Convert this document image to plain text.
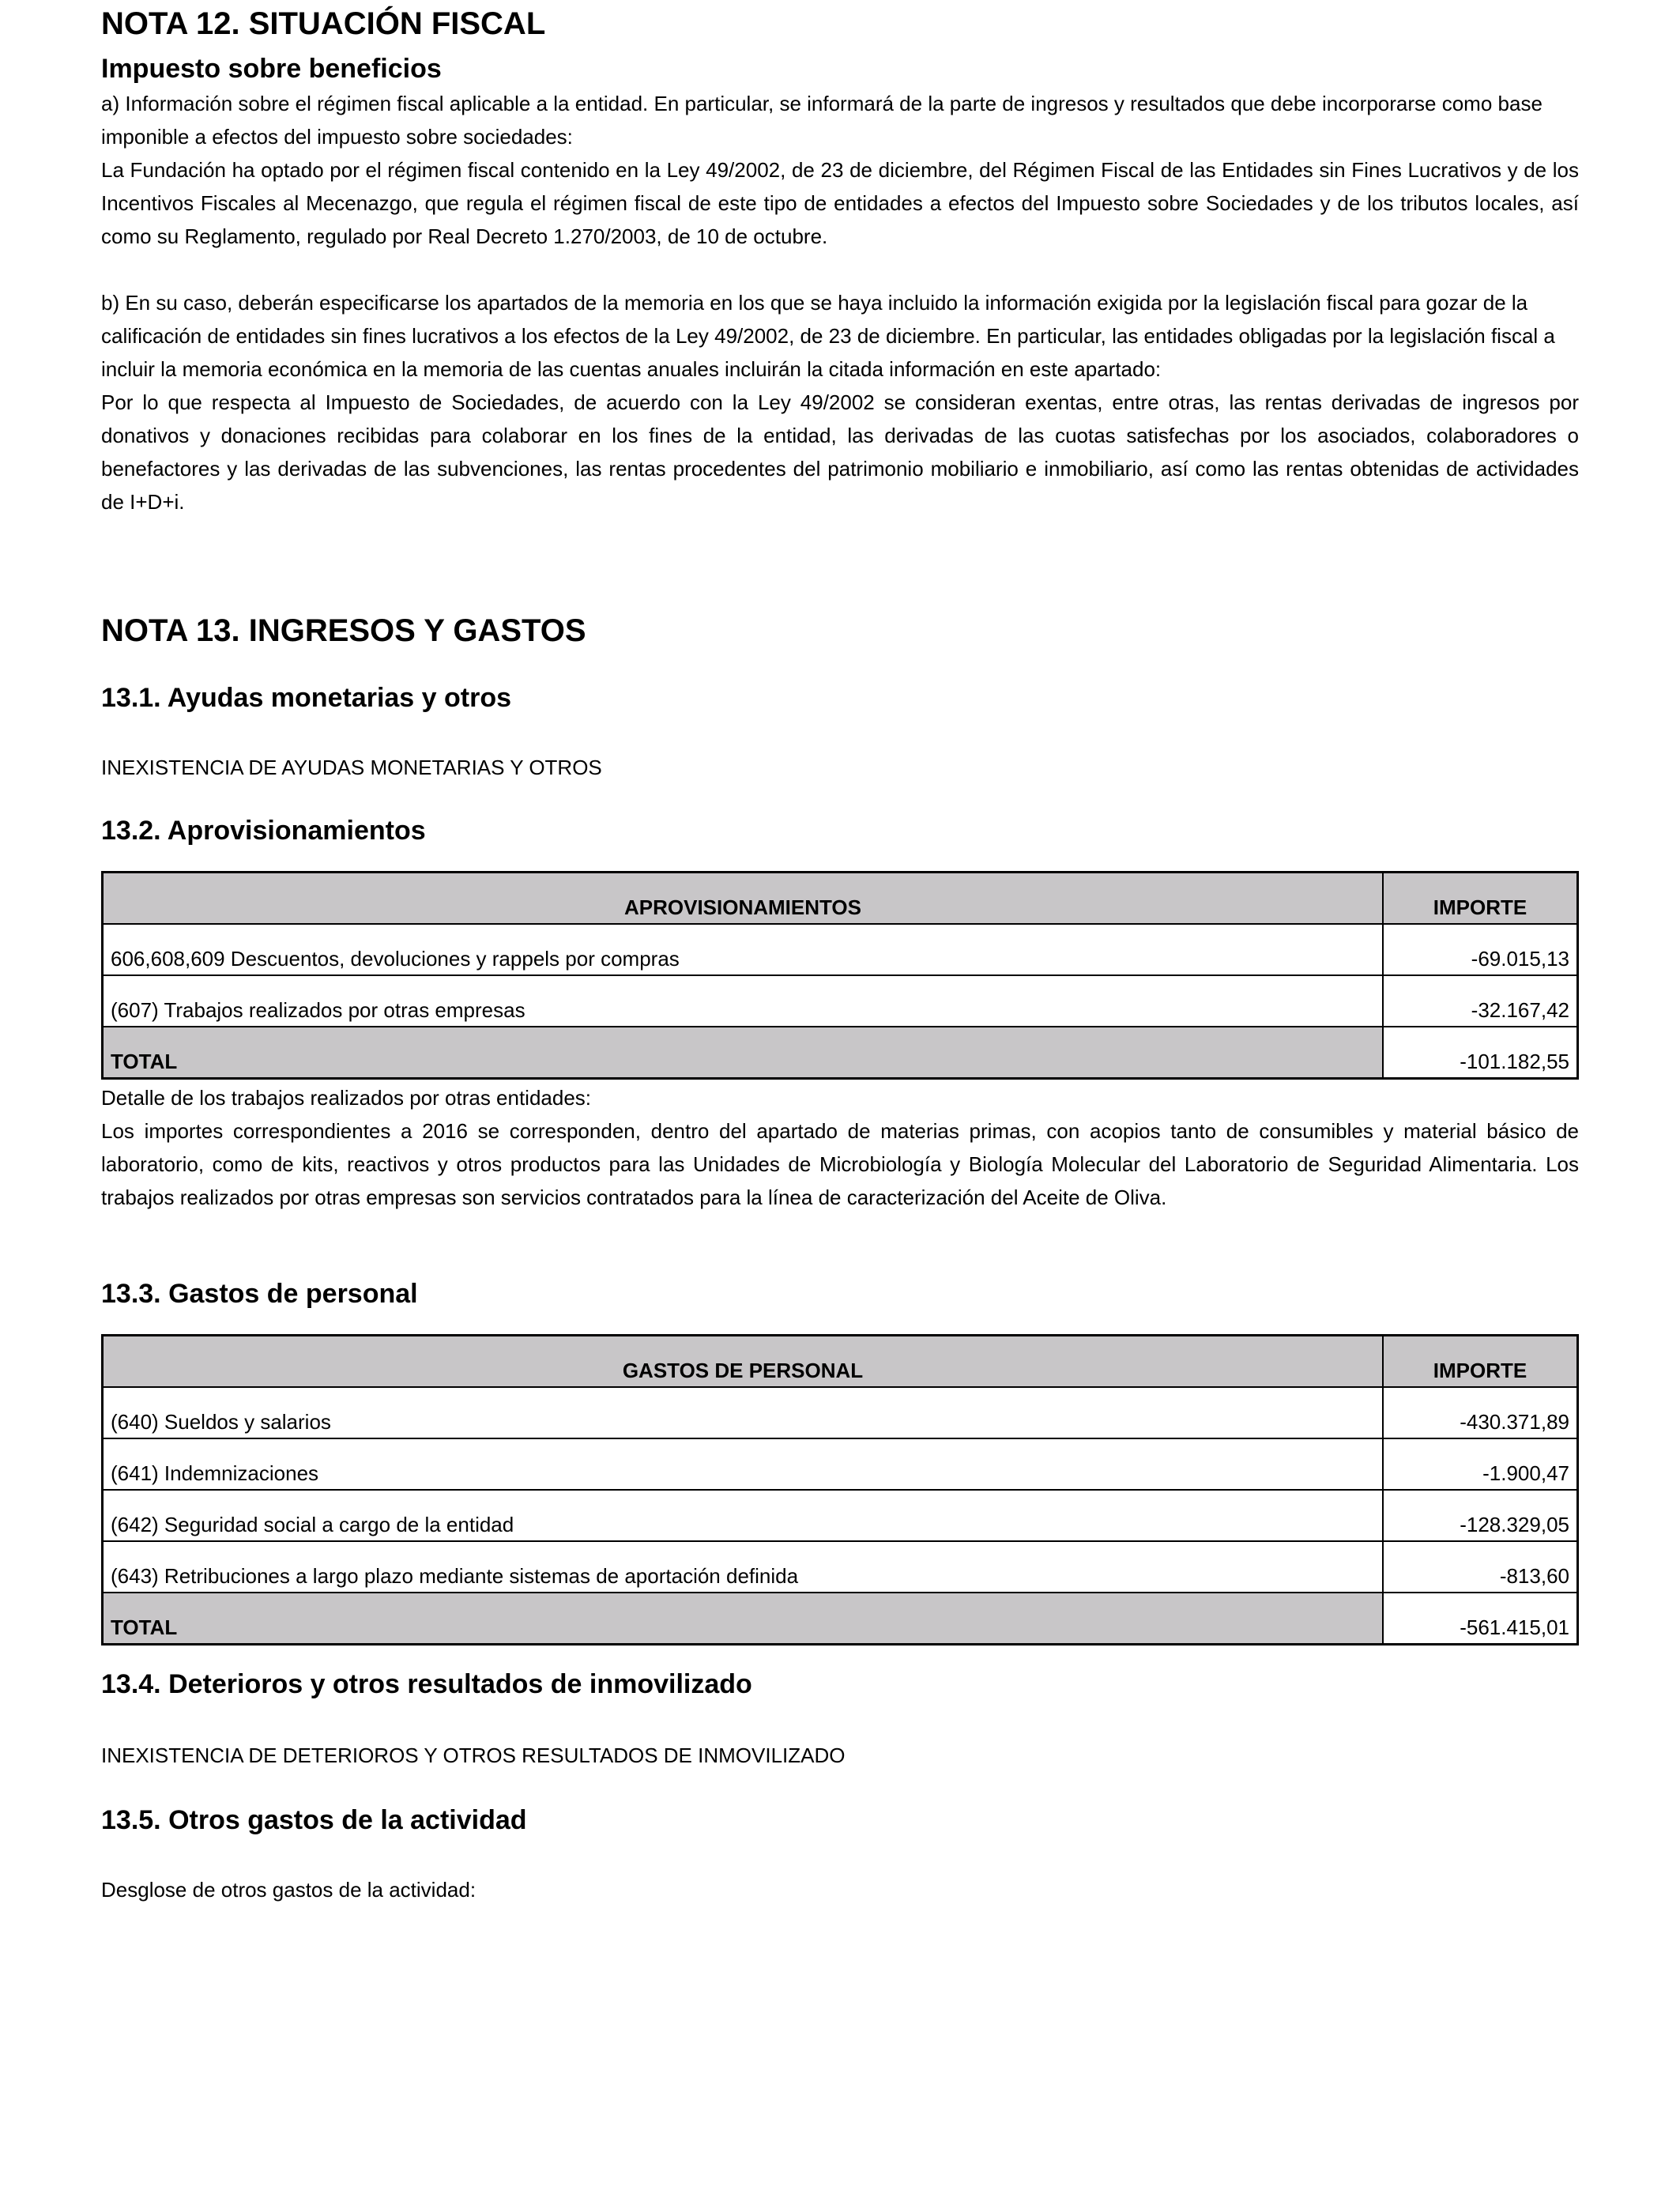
NOTA 12. SITUACIÓN FISCAL
Impuesto sobre beneficios

a) Información sobre el régimen fiscal aplicable a la entidad. En particular, se informará de la parte de ingresos y resultados que debe incorporarse como base imponible a efectos del impuesto sobre sociedades:

La Fundación ha optado por el régimen fiscal contenido en la Ley 49/2002, de 23 de diciembre, del Régimen Fiscal de las Entidades sin Fines Lucrativos y de los Incentivos Fiscales al Mecenazgo, que regula el régimen fiscal de este tipo de entidades a efectos del Impuesto sobre Sociedades y de los tributos locales, así como su Reglamento, regulado por Real Decreto 1.270/2003, de 10 de octubre.

b) En su caso, deberán especificarse los apartados de la memoria en los que se haya incluido la información exigida por la legislación fiscal para gozar de la calificación de entidades sin fines lucrativos a los efectos de la Ley 49/2002, de 23 de diciembre. En particular, las entidades obligadas por la legislación fiscal a incluir la memoria económica en la memoria de las cuentas anuales incluirán la citada información en este apartado:

Por lo que respecta al Impuesto de Sociedades, de acuerdo con la Ley 49/2002 se consideran exentas, entre otras, las rentas derivadas de ingresos por donativos y donaciones recibidas para colaborar en los fines de la entidad, las derivadas de las cuotas satisfechas por los asociados, colaboradores o benefactores y las derivadas de las subvenciones, las rentas procedentes del patrimonio mobiliario e inmobiliario, así como las rentas obtenidas de actividades de I+D+i.

NOTA 13. INGRESOS Y GASTOS
13.1. Ayudas monetarias y otros

INEXISTENCIA DE AYUDAS MONETARIAS Y OTROS

13.2. Aprovisionamientos
APROVISIONAMIENTOS	IMPORTE
606,608,609 Descuentos, devoluciones y rappels por compras	-69.015,13
(607) Trabajos realizados por otras empresas	-32.167,42
TOTAL	-101.182,55

Detalle de los trabajos realizados por otras entidades:

Los importes correspondientes a 2016 se corresponden, dentro del apartado de materias primas, con acopios tanto de consumibles y material básico de laboratorio, como de kits, reactivos y otros productos para las Unidades de Microbiología y Biología Molecular del Laboratorio de Seguridad Alimentaria. Los trabajos realizados por otras empresas son servicios contratados para la línea de caracterización del Aceite de Oliva.

13.3. Gastos de personal
GASTOS DE PERSONAL	IMPORTE
(640) Sueldos y salarios	-430.371,89
(641) Indemnizaciones	-1.900,47
(642) Seguridad social a cargo de la entidad	-128.329,05
(643) Retribuciones a largo plazo mediante sistemas de aportación definida	-813,60
TOTAL	-561.415,01
13.4. Deterioros y otros resultados de inmovilizado

INEXISTENCIA DE DETERIOROS Y OTROS RESULTADOS DE INMOVILIZADO

13.5. Otros gastos de la actividad

Desglose de otros gastos de la actividad:
